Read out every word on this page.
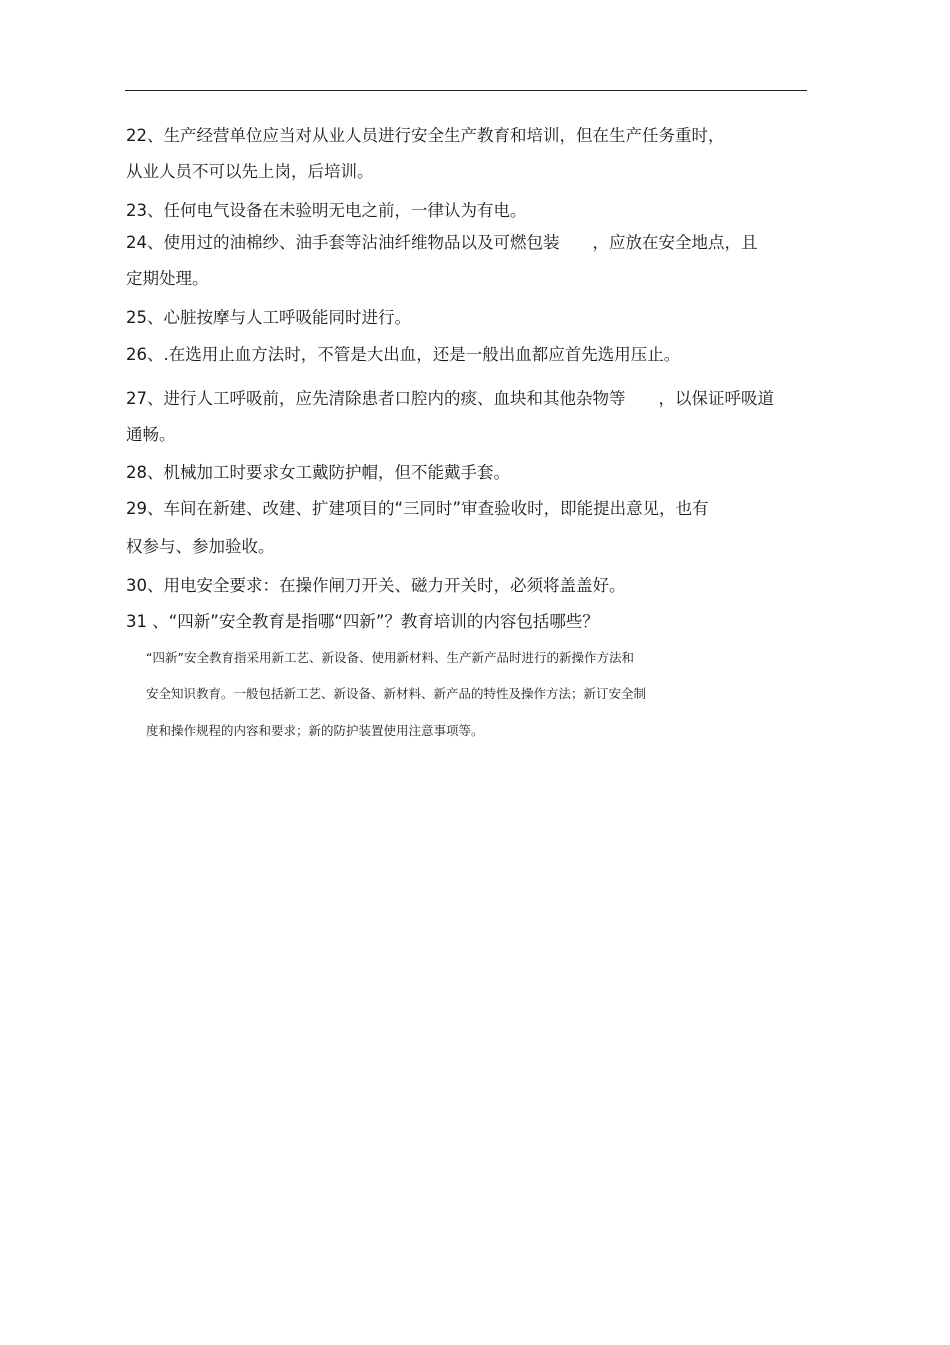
22、生产经营单位应当对从业人员进行安全生产教育和培训，但在生产任务重时，
从业人员不可以先上岗，后培训。
23、任何电气设备在未验明无电之前，一律认为有电。
24、使用过的油棉纱、油手套等沾油纤维物品以及可燃包装　　，应放在安全地点，且
定期处理。
25、心脏按摩与人工呼吸能同时进行。
26、.在选用止血方法时，不管是大出血，还是一般出血都应首先选用压止。
27、进行人工呼吸前，应先清除患者口腔内的痰、血块和其他杂物等　　，以保证呼吸道
通畅。
28、机械加工时要求女工戴防护帽，但不能戴手套。
29、车间在新建、改建、扩建项目的“三同时”审查验收时，即能提出意见，也有
权参与、参加验收。
30、用电安全要求：在操作闸刀开关、磁力开关时，必须将盖盖好。
31 、“四新”安全教育是指哪“四新”？教育培训的内容包括哪些？
“四新”安全教育指采用新工艺、新设备、使用新材料、生产新产品时进行的新操作方法和
安全知识教育。一般包括新工艺、新设备、新材料、新产品的特性及操作方法；新订安全制
度和操作规程的内容和要求；新的防护装置使用注意事项等。
